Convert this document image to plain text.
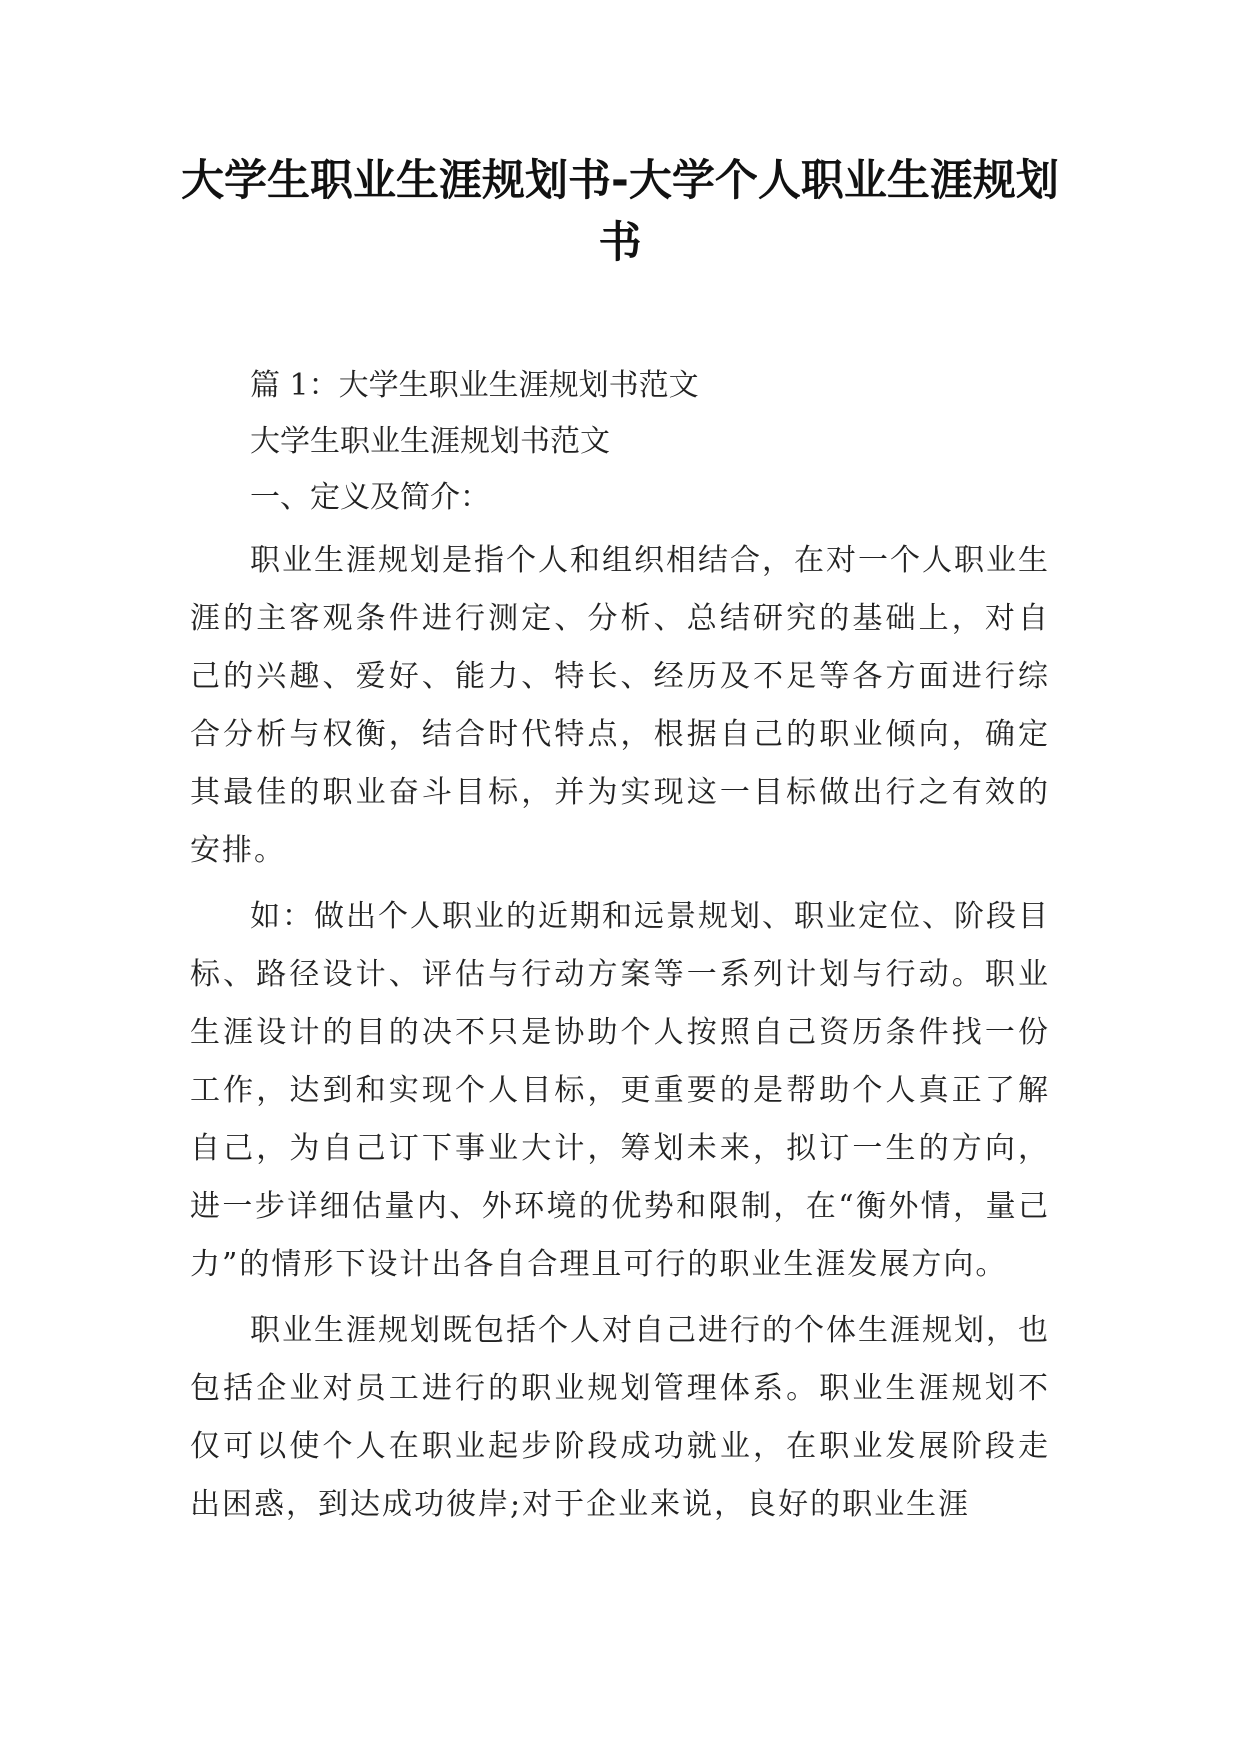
大学生职业生涯规划书-大学个人职业生涯规划书

篇 1：大学生职业生涯规划书范文

大学生职业生涯规划书范文

一、定义及简介：

职业生涯规划是指个人和组织相结合，在对一个人职业生涯的主客观条件进行测定、分析、总结研究的基础上，对自己的兴趣、爱好、能力、特长、经历及不足等各方面进行综合分析与权衡，结合时代特点，根据自己的职业倾向，确定其最佳的职业奋斗目标，并为实现这一目标做出行之有效的安排。

如：做出个人职业的近期和远景规划、职业定位、阶段目标、路径设计、评估与行动方案等一系列计划与行动。职业生涯设计的目的决不只是协助个人按照自己资历条件找一份工作，达到和实现个人目标，更重要的是帮助个人真正了解自己，为自己订下事业大计，筹划未来，拟订一生的方向，进一步详细估量内、外环境的优势和限制，在“衡外情，量己力”的情形下设计出各自合理且可行的职业生涯发展方向。

职业生涯规划既包括个人对自己进行的个体生涯规划，也包括企业对员工进行的职业规划管理体系。职业生涯规划不仅可以使个人在职业起步阶段成功就业，在职业发展阶段走出困惑，到达成功彼岸;对于企业来说，良好的职业生涯
